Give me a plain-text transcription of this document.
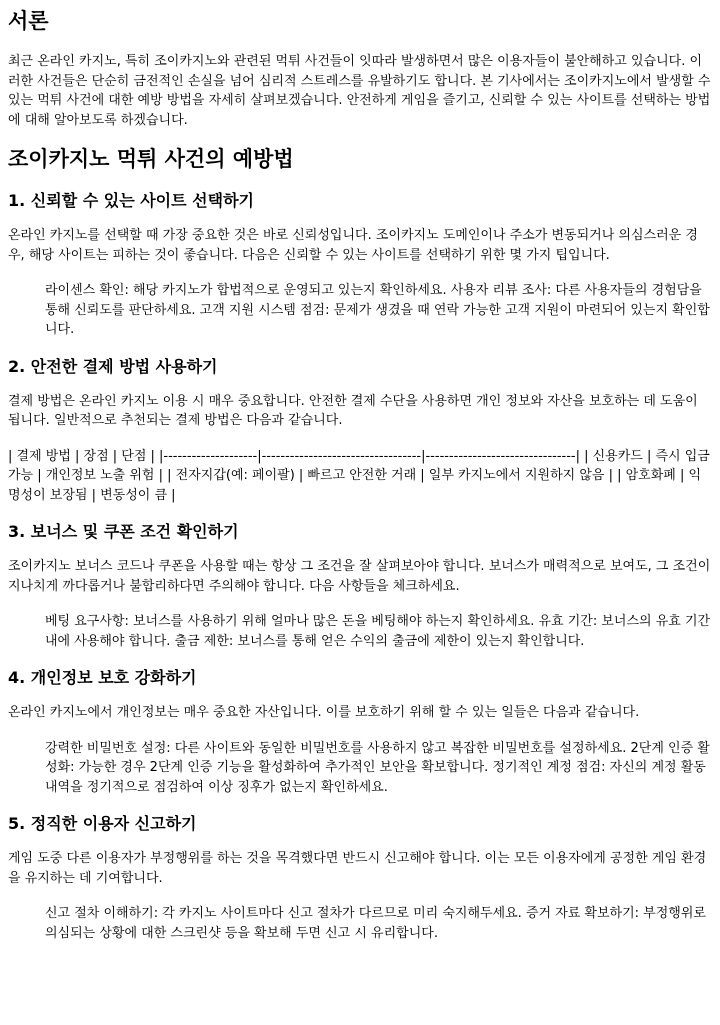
서론

최근 온라인 카지노, 특히 조이카지노와 관련된 먹튀 사건들이 잇따라 발생하면서 많은 이용자들이 불안해하고 있습니다. 이러한 사건들은 단순히 금전적인 손실을 넘어 심리적 스트레스를 유발하기도 합니다. 본 기사에서는 조이카지노에서 발생할 수 있는 먹튀 사건에 대한 예방 방법을 자세히 살펴보겠습니다. 안전하게 게임을 즐기고, 신뢰할 수 있는 사이트를 선택하는 방법에 대해 알아보도록 하겠습니다.

조이카지노 먹튀 사건의 예방법
1. 신뢰할 수 있는 사이트 선택하기

온라인 카지노를 선택할 때 가장 중요한 것은 바로 신뢰성입니다. 조이카지노 도메인이나 주소가 변동되거나 의심스러운 경우, 해당 사이트는 피하는 것이 좋습니다. 다음은 신뢰할 수 있는 사이트를 선택하기 위한 몇 가지 팁입니다.

라이센스 확인: 해당 카지노가 합법적으로 운영되고 있는지 확인하세요. 사용자 리뷰 조사: 다른 사용자들의 경험담을 통해 신뢰도를 판단하세요. 고객 지원 시스템 점검: 문제가 생겼을 때 연락 가능한 고객 지원이 마련되어 있는지 확인합니다.

2. 안전한 결제 방법 사용하기

결제 방법은 온라인 카지노 이용 시 매우 중요합니다. 안전한 결제 수단을 사용하면 개인 정보와 자산을 보호하는 데 도움이 됩니다. 일반적으로 추천되는 결제 방법은 다음과 같습니다.

| 결제 방법 | 장점 | 단점 | |--------------------|----------------------------------|--------------------------------| | 신용카드 | 즉시 입금 가능 | 개인정보 노출 위험 | | 전자지갑(예: 페이팔) | 빠르고 안전한 거래 | 일부 카지노에서 지원하지 않음 | | 암호화폐 | 익명성이 보장됨 | 변동성이 큼 |

3. 보너스 및 쿠폰 조건 확인하기

조이카지노 보너스 코드나 쿠폰을 사용할 때는 항상 그 조건을 잘 살펴보아야 합니다. 보너스가 매력적으로 보여도, 그 조건이 지나치게 까다롭거나 불합리하다면 주의해야 합니다. 다음 사항들을 체크하세요.

베팅 요구사항: 보너스를 사용하기 위해 얼마나 많은 돈을 베팅해야 하는지 확인하세요. 유효 기간: 보너스의 유효 기간 내에 사용해야 합니다. 출금 제한: 보너스를 통해 얻은 수익의 출금에 제한이 있는지 확인합니다.

4. 개인정보 보호 강화하기

온라인 카지노에서 개인정보는 매우 중요한 자산입니다. 이를 보호하기 위해 할 수 있는 일들은 다음과 같습니다.

강력한 비밀번호 설정: 다른 사이트와 동일한 비밀번호를 사용하지 않고 복잡한 비밀번호를 설정하세요. 2단계 인증 활성화: 가능한 경우 2단계 인증 기능을 활성화하여 추가적인 보안을 확보합니다. 정기적인 계정 점검: 자신의 계정 활동 내역을 정기적으로 점검하여 이상 징후가 없는지 확인하세요.

5. 정직한 이용자 신고하기

게임 도중 다른 이용자가 부정행위를 하는 것을 목격했다면 반드시 신고해야 합니다. 이는 모든 이용자에게 공정한 게임 환경을 유지하는 데 기여합니다.

신고 절차 이해하기: 각 카지노 사이트마다 신고 절차가 다르므로 미리 숙지해두세요. 증거 자료 확보하기: 부정행위로 의심되는 상황에 대한 스크린샷 등을 확보해 두면 신고 시 유리합니다.
